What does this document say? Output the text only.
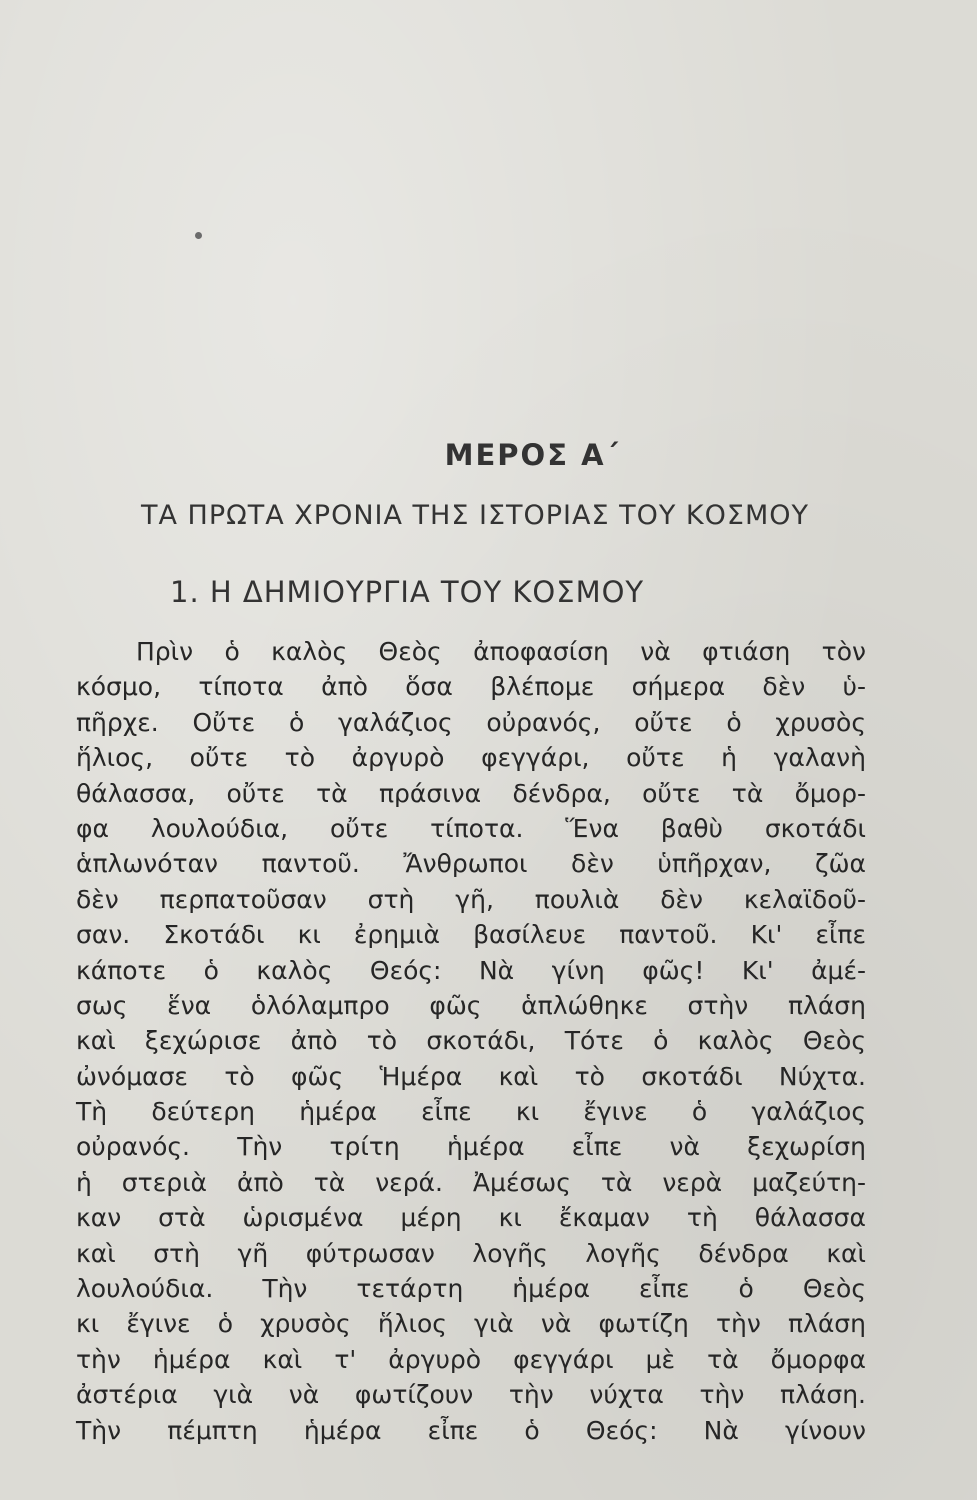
ΜΕΡΟΣ Α΄
ΤΑ ΠΡΩΤΑ ΧΡΟΝΙΑ ΤΗΣ ΙΣΤΟΡΙΑΣ ΤΟΥ ΚΟΣΜΟΥ
1. Η ΔΗΜΙΟΥΡΓΙΑ ΤΟΥ ΚΟΣΜΟΥ
Πρὶν ὁ καλὸς Θεὸς ἀποφασίση νὰ φτιάση τὸν
κόσμο, τίποτα ἀπὸ ὅσα βλέπομε σήμερα δὲν ὑ-
πῆρχε. Οὔτε ὁ γαλάζιος οὐρανός, οὔτε ὁ χρυσὸς
ἥλιος, οὔτε τὸ ἀργυρὸ φεγγάρι, οὔτε ἡ γαλανὴ
θάλασσα, οὔτε τὰ πράσινα δένδρα, οὔτε τὰ ὄμορ-
φα λουλούδια, οὔτε τίποτα. Ἕνα βαθὺ σκοτάδι
ἁπλωνόταν παντοῦ. Ἄνθρωποι δὲν ὑπῆρχαν, ζῶα
δὲν περπατοῦσαν στὴ γῆ, πουλιὰ δὲν κελαϊδοῦ-
σαν. Σκοτάδι κι ἐρημιὰ βασίλευε παντοῦ. Κι' εἶπε
κάποτε ὁ καλὸς Θεός: Νὰ γίνη φῶς! Κι' ἀμέ-
σως ἕνα ὁλόλαμπρο φῶς ἁπλώθηκε στὴν πλάση
καὶ ξεχώρισε ἀπὸ τὸ σκοτάδι, Τότε ὁ καλὸς Θεὸς
ὠνόμασε τὸ φῶς Ἡμέρα καὶ τὸ σκοτάδι Νύχτα.
Τὴ δεύτερη ἡμέρα εἶπε κι ἔγινε ὁ γαλάζιος
οὐρανός. Τὴν τρίτη ἡμέρα εἶπε νὰ ξεχωρίση
ἡ στεριὰ ἀπὸ τὰ νερά. Ἀμέσως τὰ νερὰ μαζεύτη-
καν στὰ ὡρισμένα μέρη κι ἔκαμαν τὴ θάλασσα
καὶ στὴ γῆ φύτρωσαν λογῆς λογῆς δένδρα καὶ
λουλούδια. Τὴν τετάρτη ἡμέρα εἶπε ὁ Θεὸς
κι ἔγινε ὁ χρυσὸς ἥλιος γιὰ νὰ φωτίζη τὴν πλάση
τὴν ἡμέρα καὶ τ' ἀργυρὸ φεγγάρι μὲ τὰ ὄμορφα
ἀστέρια γιὰ νὰ φωτίζουν τὴν νύχτα τὴν πλάση.
Τὴν πέμπτη ἡμέρα εἶπε ὁ Θεός: Νὰ γίνουν
